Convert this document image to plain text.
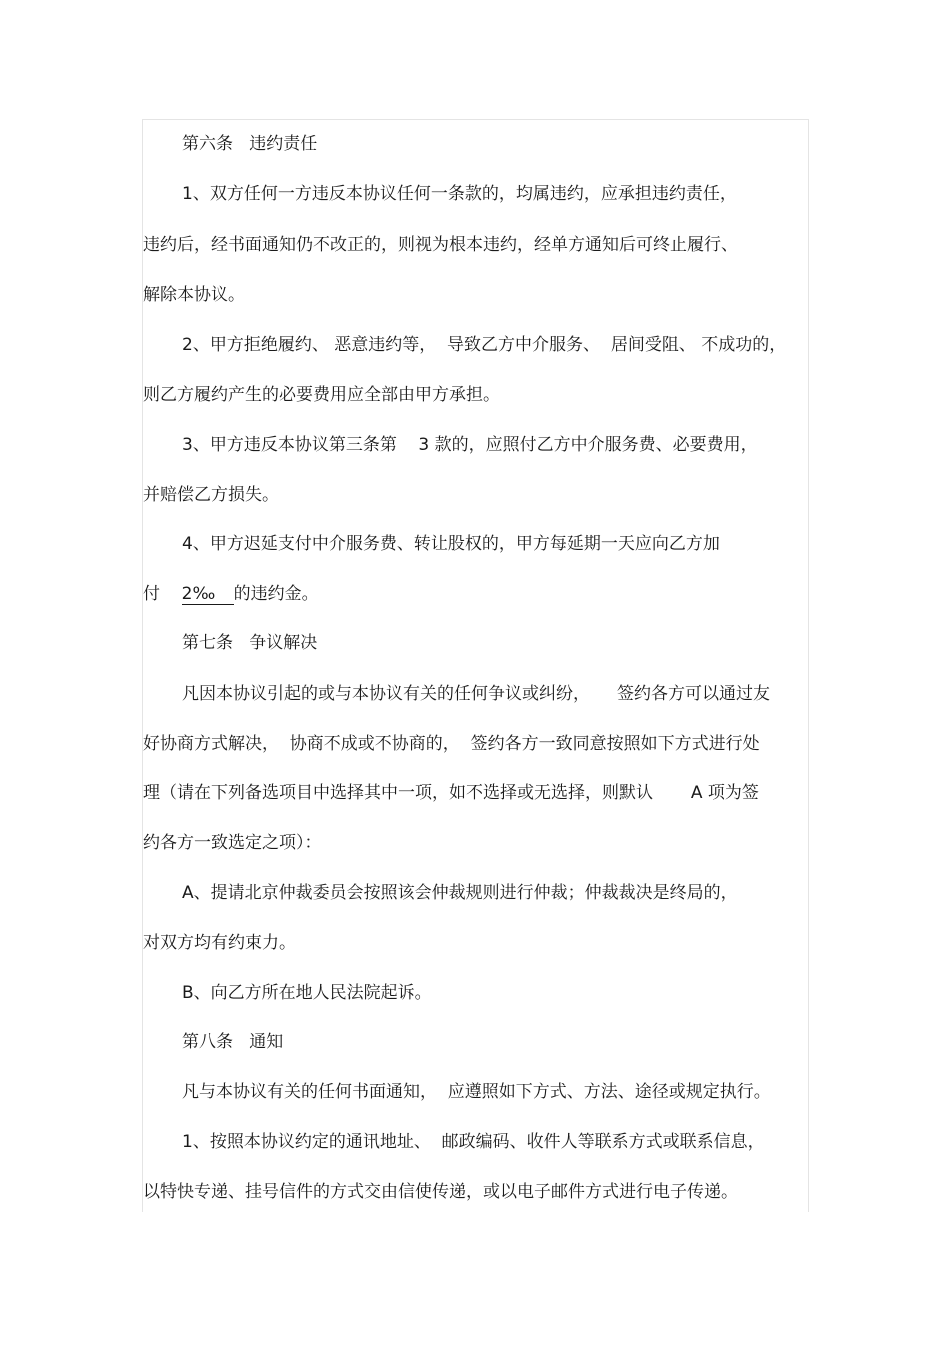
第六条   违约责任

1、双方任何一方违反本协议任何一条款的，均属违约，应承担违约责任，

违约后，经书面通知仍不改正的，则视为根本违约，经单方通知后可终止履行、

解除本协议。

2、甲方拒绝履约、 恶意违约等，  导致乙方中介服务、  居间受阻、 不成功的，

则乙方履约产生的必要费用应全部由甲方承担。

3、甲方违反本协议第三条第    3 款的，应照付乙方中介服务费、必要费用，

并赔偿乙方损失。

4、甲方迟延支付中介服务费、转让股权的，甲方每延期一天应向乙方加

付 2‰ 的违约金。

第七条   争议解决

凡因本协议引起的或与本协议有关的任何争议或纠纷，     签约各方可以通过友

好协商方式解决，  协商不成或不协商的，  签约各方一致同意按照如下方式进行处

理（请在下列备选项目中选择其中一项，如不选择或无选择，则默认       A 项为签

约各方一致选定之项）：

A、提请北京仲裁委员会按照该会仲裁规则进行仲裁；仲裁裁决是终局的，

对双方均有约束力。

B、向乙方所在地人民法院起诉。

第八条   通知

凡与本协议有关的任何书面通知，  应遵照如下方式、方法、途径或规定执行。

1、按照本协议约定的通讯地址、  邮政编码、收件人等联系方式或联系信息，

以特快专递、挂号信件的方式交由信使传递，或以电子邮件方式进行电子传递。
